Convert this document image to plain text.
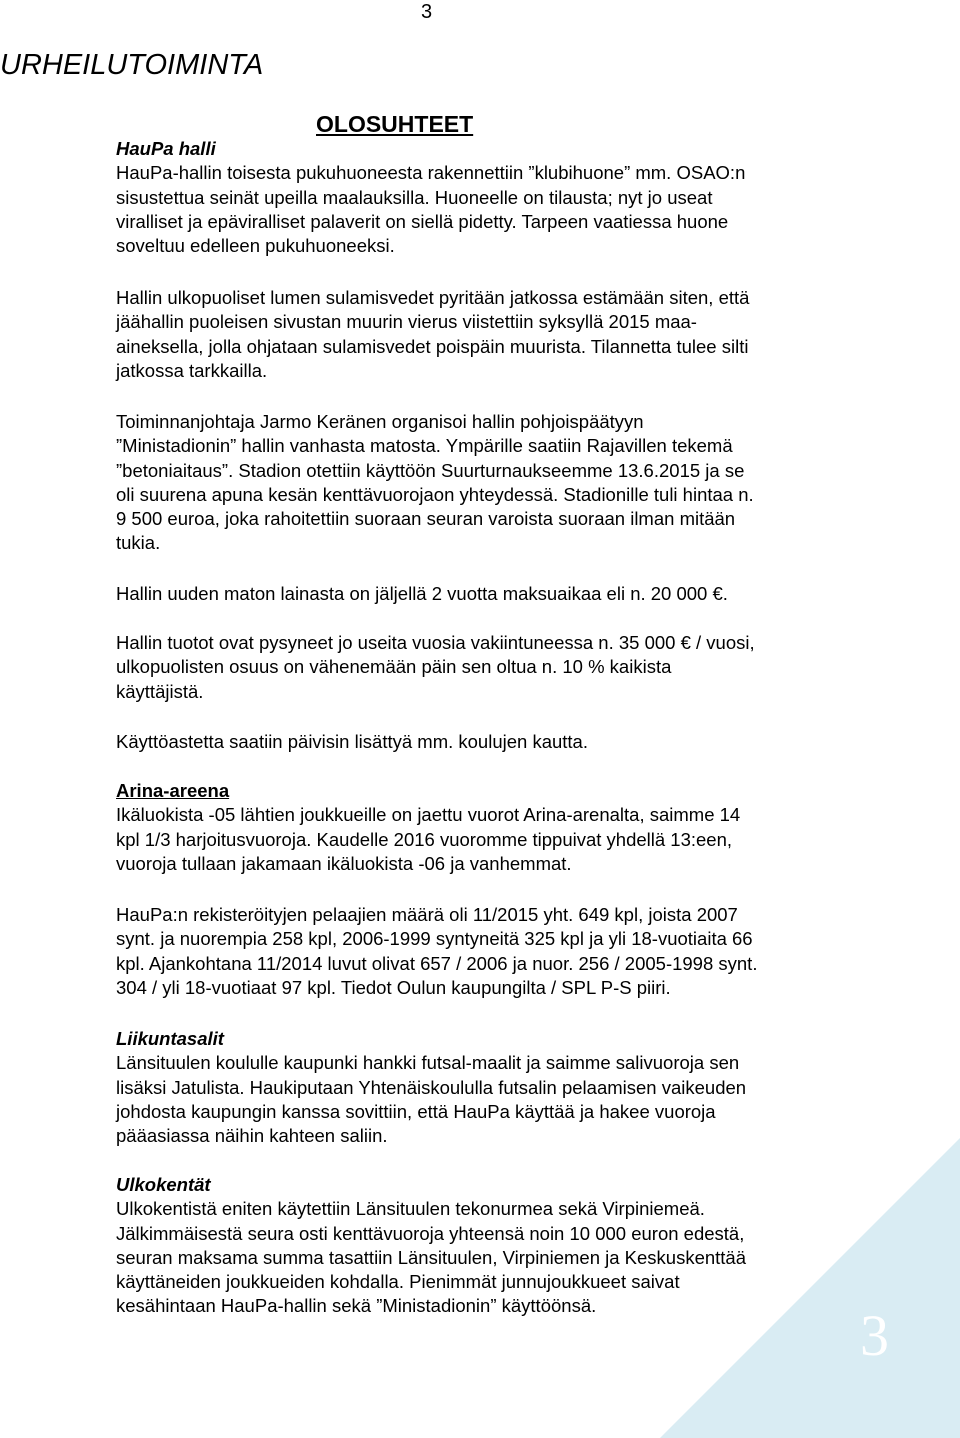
3
URHEILUTOIMINTA
OLOSUHTEET
HauPa halli

HauPa-hallin toisesta pukuhuoneesta rakennettiin ”klubihuone” mm. OSAO:n
sisustettua seinät upeilla maalauksilla. Huoneelle on tilausta; nyt jo useat
viralliset ja epäviralliset palaverit on siellä pidetty. Tarpeen vaatiessa huone
soveltuu edelleen pukuhuoneeksi.

Hallin ulkopuoliset lumen sulamisvedet pyritään jatkossa estämään siten, että
jäähallin puoleisen sivustan muurin vierus viistettiin syksyllä 2015 maa-
aineksella, jolla ohjataan sulamisvedet poispäin muurista. Tilannetta tulee silti
jatkossa tarkkailla.

Toiminnanjohtaja Jarmo Keränen organisoi hallin pohjoispäätyyn
”Ministadionin” hallin vanhasta matosta. Ympärille saatiin Rajavillen tekemä
”betoniaitaus”. Stadion otettiin käyttöön Suurturnaukseemme 13.6.2015 ja se
oli suurena apuna kesän kenttävuorojaon yhteydessä. Stadionille tuli hintaa n.
9 500 euroa, joka rahoitettiin suoraan seuran varoista suoraan ilman mitään
tukia.

Hallin uuden maton lainasta on jäljellä 2 vuotta maksuaikaa eli n. 20 000 €.

Hallin tuotot ovat pysyneet jo useita vuosia vakiintuneessa n. 35 000 € / vuosi,
ulkopuolisten osuus on vähenemään päin sen oltua n. 10 % kaikista
käyttäjistä.

Käyttöastetta saatiin päivisin lisättyä mm. koulujen kautta.

Arina-areena

Ikäluokista -05 lähtien joukkueille on jaettu vuorot Arina-arenalta, saimme 14
kpl 1/3 harjoitusvuoroja. Kaudelle 2016 vuoromme tippuivat yhdellä 13:een,
vuoroja tullaan jakamaan ikäluokista -06 ja vanhemmat.

HauPa:n rekisteröityjen pelaajien määrä oli 11/2015 yht. 649 kpl, joista 2007
synt. ja nuorempia 258 kpl, 2006-1999 syntyneitä 325 kpl ja yli 18-vuotiaita 66
kpl. Ajankohtana 11/2014 luvut olivat 657 / 2006 ja nuor. 256 / 2005-1998 synt.
304 / yli 18-vuotiaat 97 kpl. Tiedot Oulun kaupungilta / SPL P-S piiri.

Liikuntasalit

Länsituulen koululle kaupunki hankki futsal-maalit ja saimme salivuoroja sen
lisäksi Jatulista. Haukiputaan Yhtenäiskoululla futsalin pelaamisen vaikeuden
johdosta kaupungin kanssa sovittiin, että HauPa käyttää ja hakee vuoroja
pääasiassa näihin kahteen saliin.

Ulkokentät

Ulkokentistä eniten käytettiin Länsituulen tekonurmea sekä Virpiniemeä.
Jälkimmäisestä seura osti kenttävuoroja yhteensä noin 10 000 euron edestä,
seuran maksama summa tasattiin Länsituulen, Virpiniemen ja Keskuskenttää
käyttäneiden joukkueiden kohdalla. Pienimmät junnujoukkueet saivat
kesähintaan HauPa-hallin sekä ”Ministadionin” käyttöönsä.	3
